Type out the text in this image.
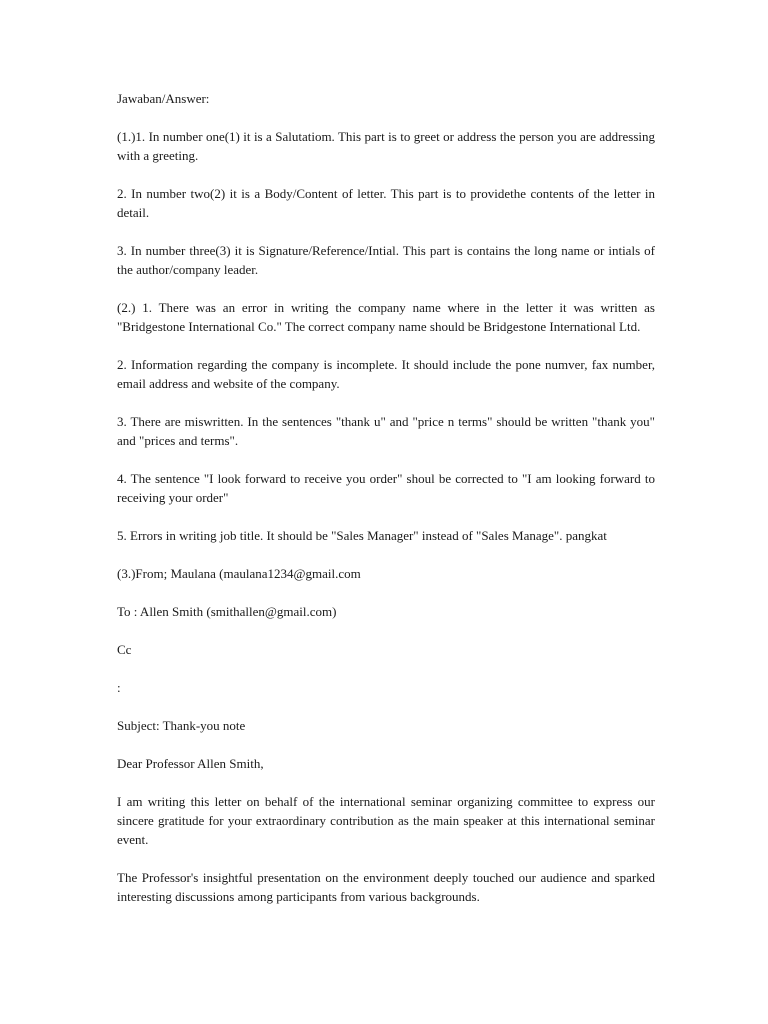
Jawaban/Answer:

(1.)1. In number one(1) it is a Salutatiom. This part is to greet or address the person you are addressing with a greeting.

2. In number two(2) it is a Body/Content of letter. This part is to providethe contents of the letter in detail.

3. In number three(3) it is Signature/Reference/Intial. This part is contains the long name or intials of the author/company leader.

(2.) 1. There was an error in writing the company name where in the letter it was written as "Bridgestone International Co." The correct company name should be Bridgestone International Ltd.

2. Information regarding the company is incomplete. It should include the pone numver, fax number, email address and website of the company.

3. There are miswritten. In the sentences "thank u" and "price n terms" should be written "thank you" and "prices and terms".

4. The sentence "I look forward to receive you order" shoul be corrected to "I am looking forward to receiving your order"

5. Errors in writing job title. It should be "Sales Manager" instead of "Sales Manage". pangkat

(3.)From; Maulana (maulana1234@gmail.com

To : Allen Smith (smithallen@gmail.com)

Cc

:

Subject: Thank-you note

Dear Professor Allen Smith,

I am writing this letter on behalf of the international seminar organizing committee to express our sincere gratitude for your extraordinary contribution as the main speaker at this international seminar event.

The Professor's insightful presentation on the environment deeply touched our audience and sparked interesting discussions among participants from various backgrounds.
